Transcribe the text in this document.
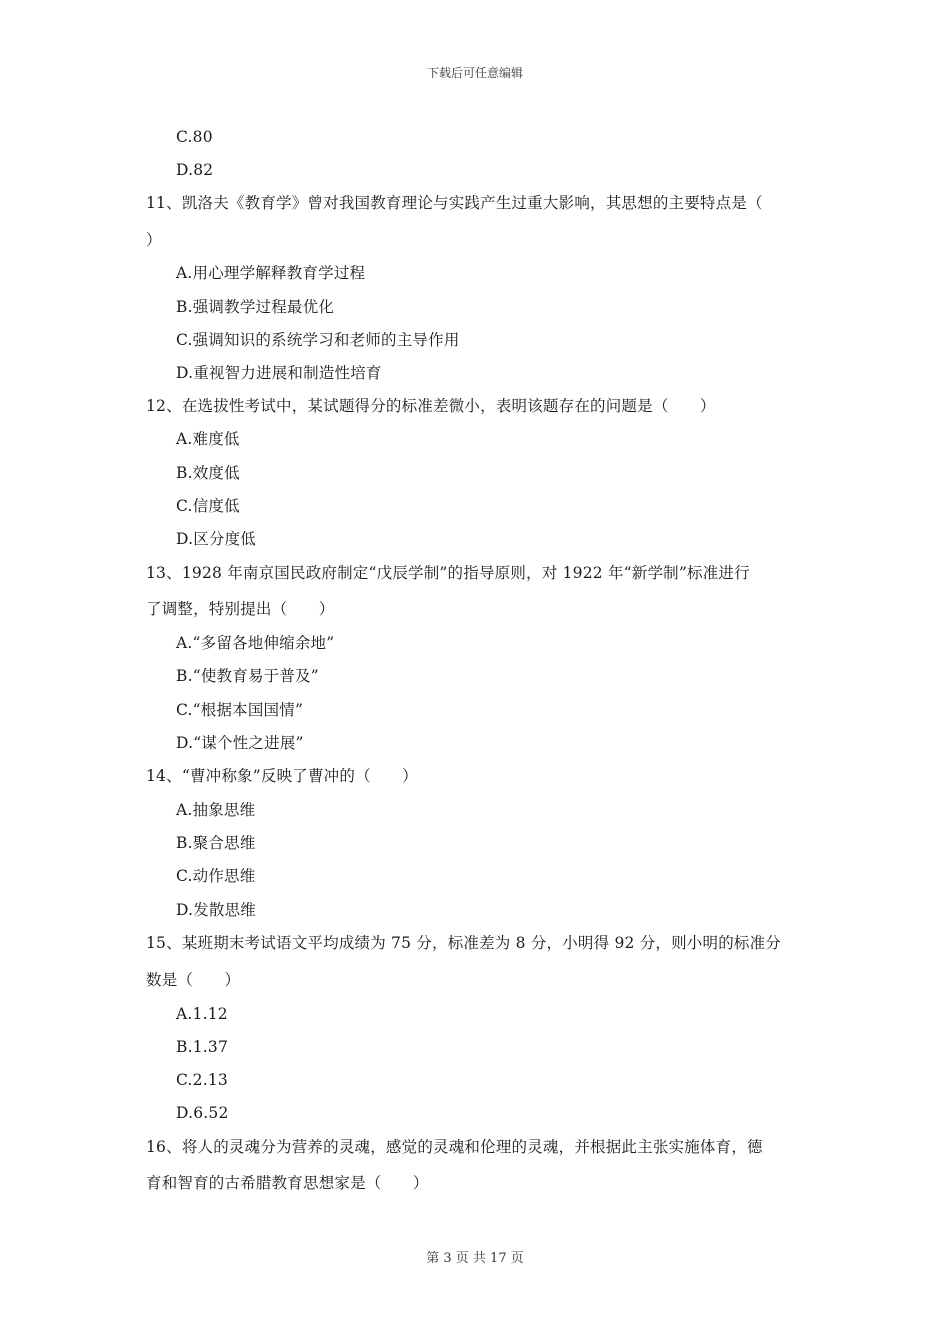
下载后可任意编辑
C.80
D.82
11、凯洛夫《教育学》曾对我国教育理论与实践产生过重大影响，其思想的主要特点是（
）
A.用心理学解释教育学过程
B.强调教学过程最优化
C.强调知识的系统学习和老师的主导作用
D.重视智力进展和制造性培育
12、在选拔性考试中，某试题得分的标准差微小，表明该题存在的问题是（　　）
A.难度低
B.效度低
C.信度低
D.区分度低
13、1928 年南京国民政府制定“戊辰学制”的指导原则，对 1922 年“新学制”标准进行
了调整，特别提出（　　）
A.“多留各地伸缩余地”
B.“使教育易于普及”
C.“根据本国国情”
D.“谋个性之进展”
14、“曹冲称象”反映了曹冲的（　　）
A.抽象思维
B.聚合思维
C.动作思维
D.发散思维
15、某班期末考试语文平均成绩为 75 分，标准差为 8 分，小明得 92 分，则小明的标准分
数是（　　）
A.1.12
B.1.37
C.2.13
D.6.52
16、将人的灵魂分为营养的灵魂，感觉的灵魂和伦理的灵魂，并根据此主张实施体育，德
育和智育的古希腊教育思想家是（　　）
第 3 页 共 17 页
